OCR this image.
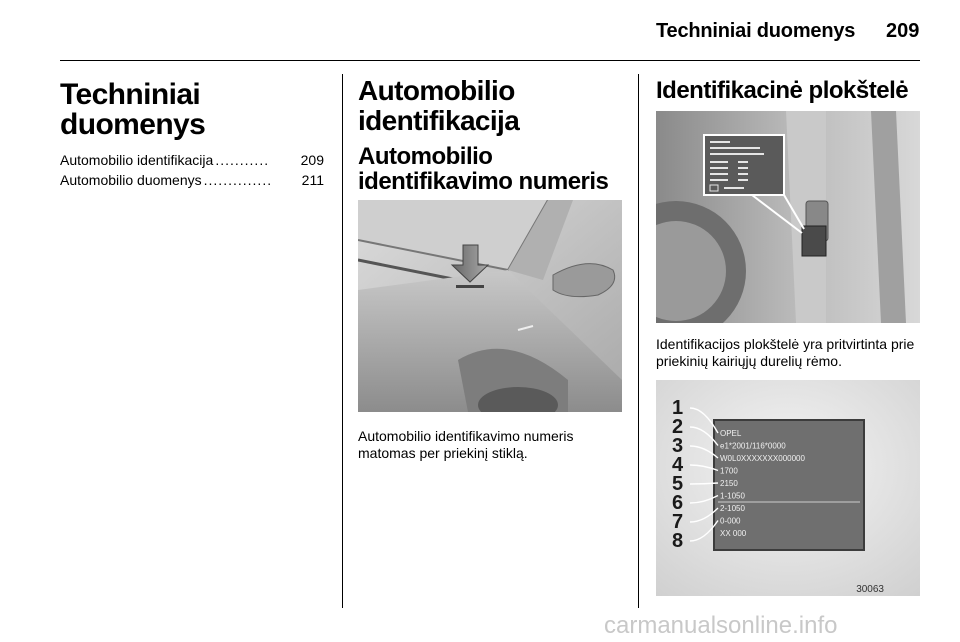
Techniniai duomenys 209
Techniniai duomenys
Automobilio identifikacija ...........	209
Automobilio duomenys ..............	211
Automobilio identifikacija
Automobilio identifikavimo numeris
Automobilio identifikavimo numeris matomas per priekinį stiklą.
Identifikacinė plokštelė
Identifikacijos plokštelė yra pritvirtinta prie priekinių kairiųjų durelių rėmo.
OPEL
e1*2001/116*0000
W0L0XXXXXXX000000
1700
2150
1-1050
2-1050
0-000
XX 000
1
2
3
4
5
6
7
8
30063
carmanualsonline.info
